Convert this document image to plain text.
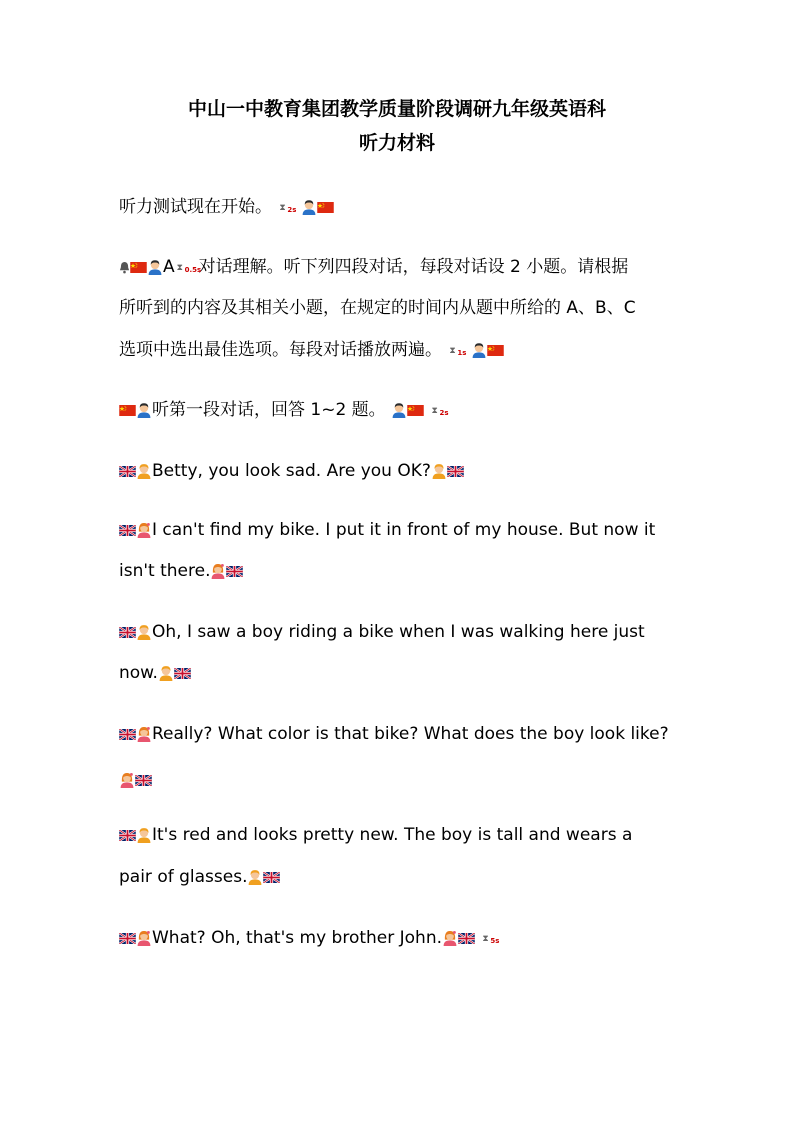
中山一中教育集团教学质量阶段调研九年级英语科
听力材料
听力测试现在开始。 ⧗ 2s

A ⧗ 0.5s
对话理解。听下列四段对话，每段对话设 2 小题。请根据
所听到的内容及其相关小题，在规定的时间内从题中所给的 A、B、C
选项中选出最佳选项。每段对话播放两遍。 ⧗ 1s

听第一段对话，回答 1~2 题。	⧗ 2s
Betty, you look sad. Are you OK?
I can't find my bike. I put it in front of my house. But now it
isn't there.
Oh, I saw a boy riding a bike when I was walking here just
now.
Really? What color is that bike? What does the boy look like?
It's red and looks pretty new. The boy is tall and wears a
pair of glasses.
What? Oh, that's my brother John.	⧗ 5s
